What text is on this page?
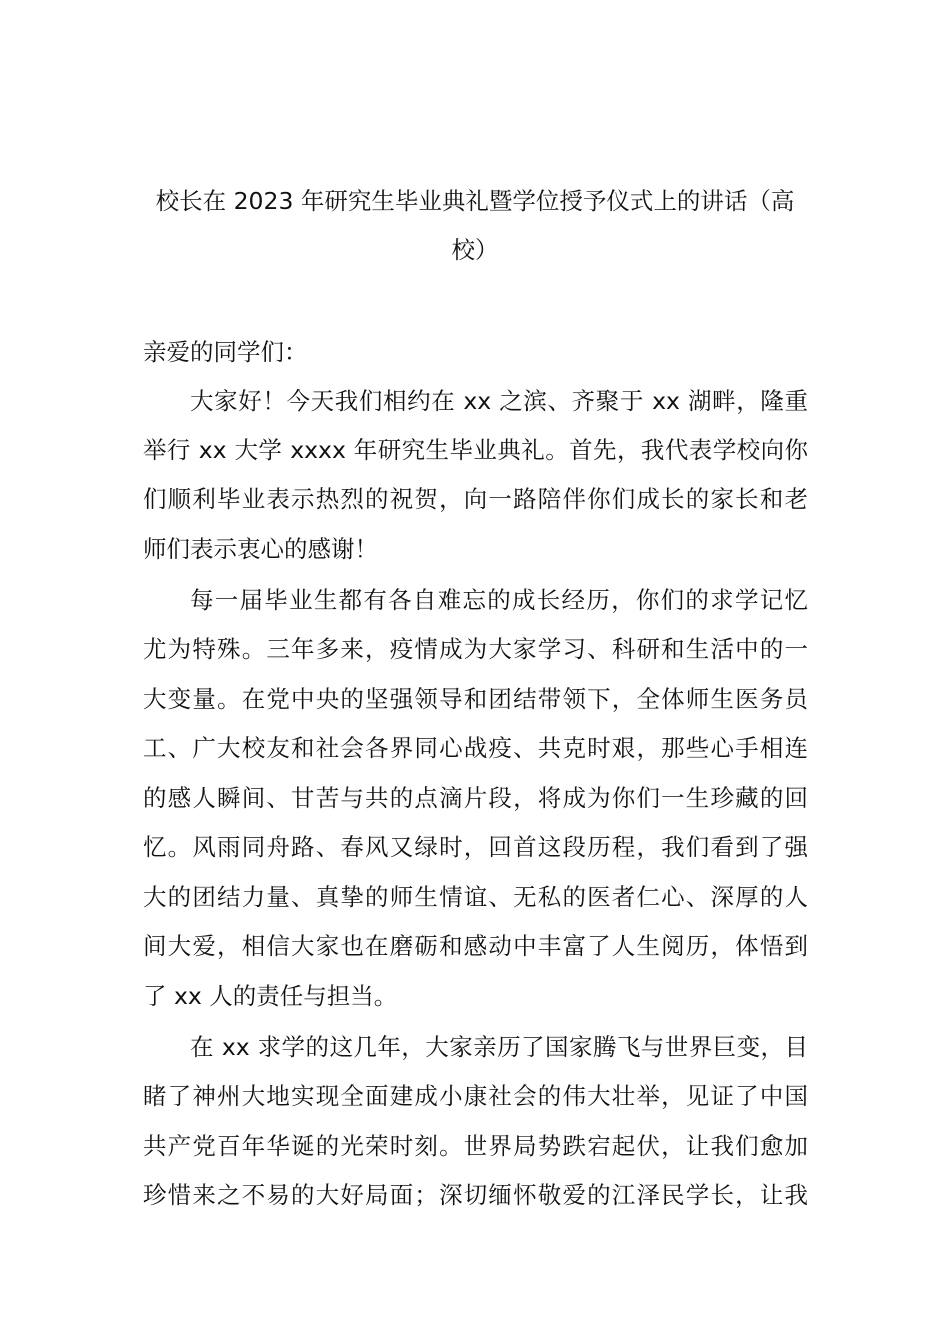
校长在 2023 年研究生毕业典礼暨学位授予仪式上的讲话（高
校）
亲爱的同学们：
大家好！今天我们相约在 xx 之滨、齐聚于 xx 湖畔，隆重
举行 xx 大学 xxxx 年研究生毕业典礼。首先，我代表学校向你
们顺利毕业表示热烈的祝贺，向一路陪伴你们成长的家长和老
师们表示衷心的感谢！
每一届毕业生都有各自难忘的成长经历，你们的求学记忆
尤为特殊。三年多来，疫情成为大家学习、科研和生活中的一
大变量。在党中央的坚强领导和团结带领下，全体师生医务员
工、广大校友和社会各界同心战疫、共克时艰，那些心手相连
的感人瞬间、甘苦与共的点滴片段，将成为你们一生珍藏的回
忆。风雨同舟路、春风又绿时，回首这段历程，我们看到了强
大的团结力量、真挚的师生情谊、无私的医者仁心、深厚的人
间大爱，相信大家也在磨砺和感动中丰富了人生阅历，体悟到
了 xx 人的责任与担当。
在 xx 求学的这几年，大家亲历了国家腾飞与世界巨变，目
睹了神州大地实现全面建成小康社会的伟大壮举，见证了中国
共产党百年华诞的光荣时刻。世界局势跌宕起伏，让我们愈加
珍惜来之不易的大好局面；深切缅怀敬爱的江泽民学长，让我
